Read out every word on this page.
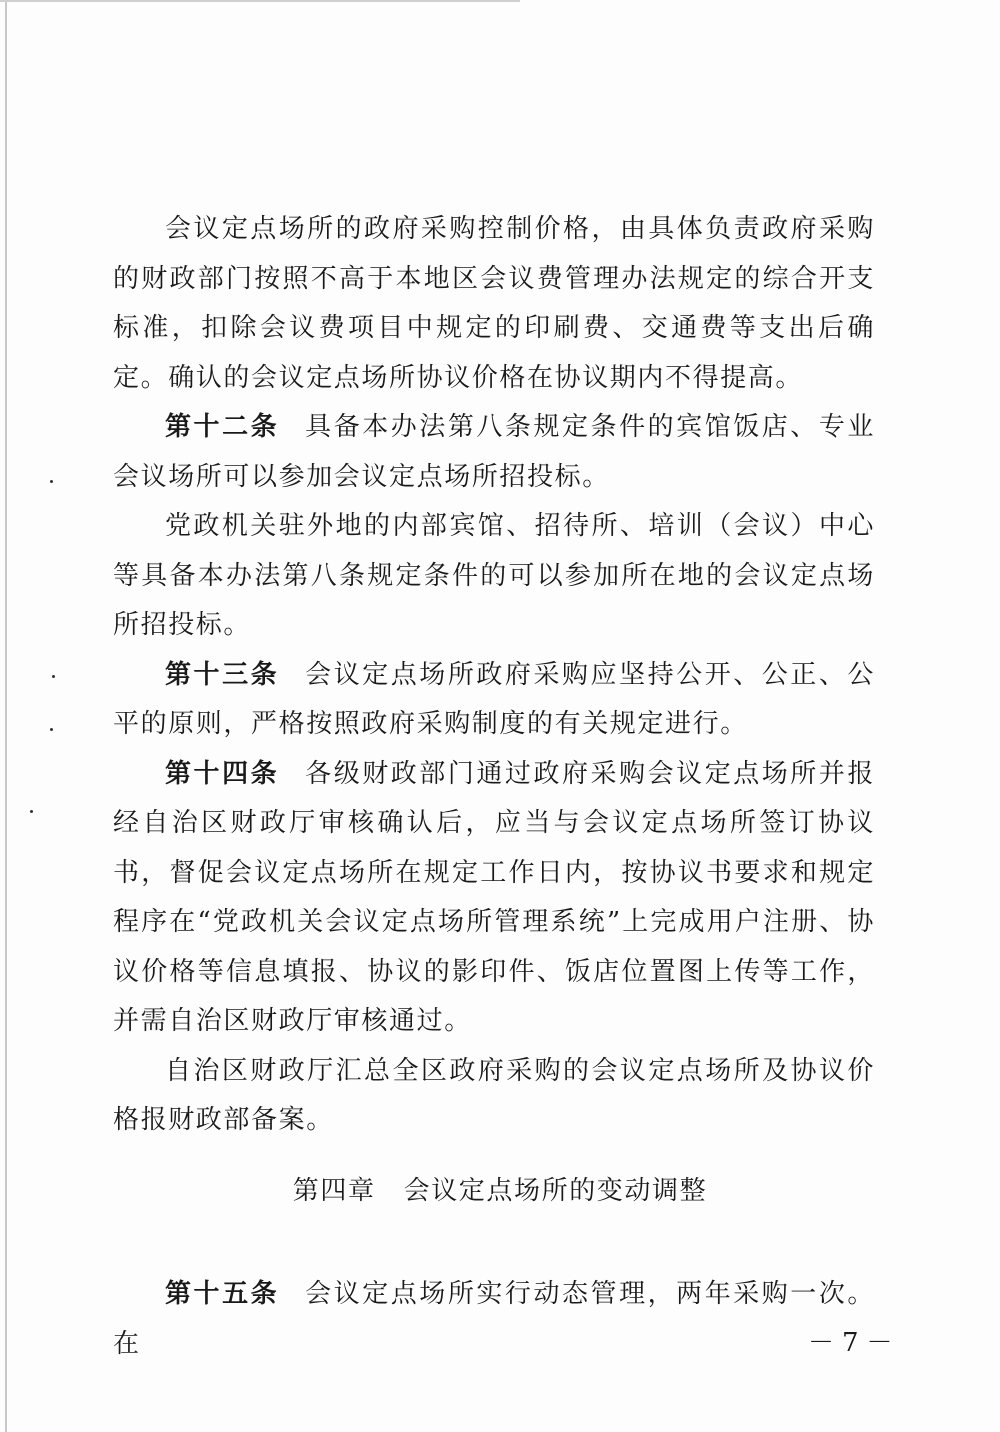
会议定点场所的政府采购控制价格，由具体负责政府采购的财政部门按照不高于本地区会议费管理办法规定的综合开支标准，扣除会议费项目中规定的印刷费、交通费等支出后确定。确认的会议定点场所协议价格在协议期内不得提高。

第十二条 具备本办法第八条规定条件的宾馆饭店、专业会议场所可以参加会议定点场所招投标。

党政机关驻外地的内部宾馆、招待所、培训（会议）中心等具备本办法第八条规定条件的可以参加所在地的会议定点场所招投标。

第十三条 会议定点场所政府采购应坚持公开、公正、公平的原则，严格按照政府采购制度的有关规定进行。

第十四条 各级财政部门通过政府采购会议定点场所并报经自治区财政厅审核确认后，应当与会议定点场所签订协议书，督促会议定点场所在规定工作日内，按协议书要求和规定程序在“党政机关会议定点场所管理系统”上完成用户注册、协议价格等信息填报、协议的影印件、饭店位置图上传等工作，并需自治区财政厅审核通过。

自治区财政厅汇总全区政府采购的会议定点场所及协议价格报财政部备案。

第四章 会议定点场所的变动调整

第十五条 会议定点场所实行动态管理，两年采购一次。在	－7－
